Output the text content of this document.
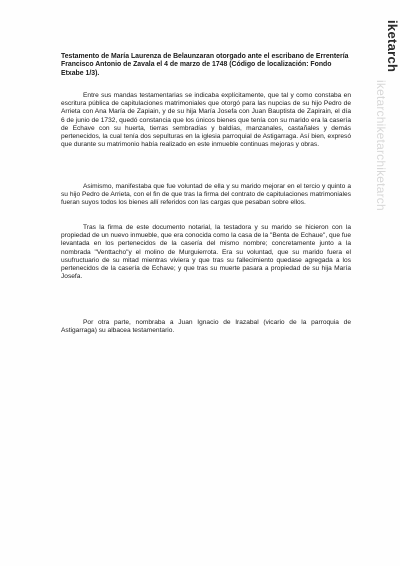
Testamento de María Laurenza de Belaunzaran otorgado ante el escribano de Errentería Francisco Antonio de Zavala el 4 de marzo de 1748 (Código de localización: Fondo Etxabe 1/3).

Entre sus mandas testamentarias se indicaba explícitamente, que tal y como constaba en escritura pública de capitulaciones matrimoniales que otorgó para las nupcias de su hijo Pedro de Arrieta con Ana María de Zapiain, y de su hija María Josefa con Juan Bauptista de Zapirain, el día 6 de junio de 1732, quedó constancia que los únicos bienes que tenía con su marido era la casería de Echave con su huerta, tierras sembradías y baldías, manzanales, castañales y demás pertenecidos, la cual tenía dos sepulturas en la iglesia parroquial de Astigarraga. Así bien, expresó que durante su matrimonio había realizado en este inmueble continuas mejoras y obras.

Asimismo, manifestaba que fue voluntad de ella y su marido mejorar en el tercio y quinto a su hijo Pedro de Arrieta, con el fin de que tras la firma del contrato de capitulaciones matrimoniales fueran suyos todos los bienes allí referidos con las cargas que pesaban sobre ellos.

Tras la firma de este documento notarial, la testadora y su marido se hicieron con la propiedad de un nuevo inmueble, que era conocida como la casa de la "Benta de Echaue", que fue levantada en los pertenecidos de la casería del mismo nombre; concretamente junto a la nombrada "Venttacho"y el molino de Murguierrota. Era su voluntad, que su marido fuera el usufructuario de su mitad mientras viviera y que tras su fallecimiento quedase agregada a los pertenecidos de la casería de Echave; y que tras su muerte pasara a propiedad de su hija María Josefa.

Por otra parte, nombraba a Juan Ignacio de Irazabal (vicario de la parroquia de Astigarraga) su albacea testamentario.

iketarch
iketarchiketarchiketarch
